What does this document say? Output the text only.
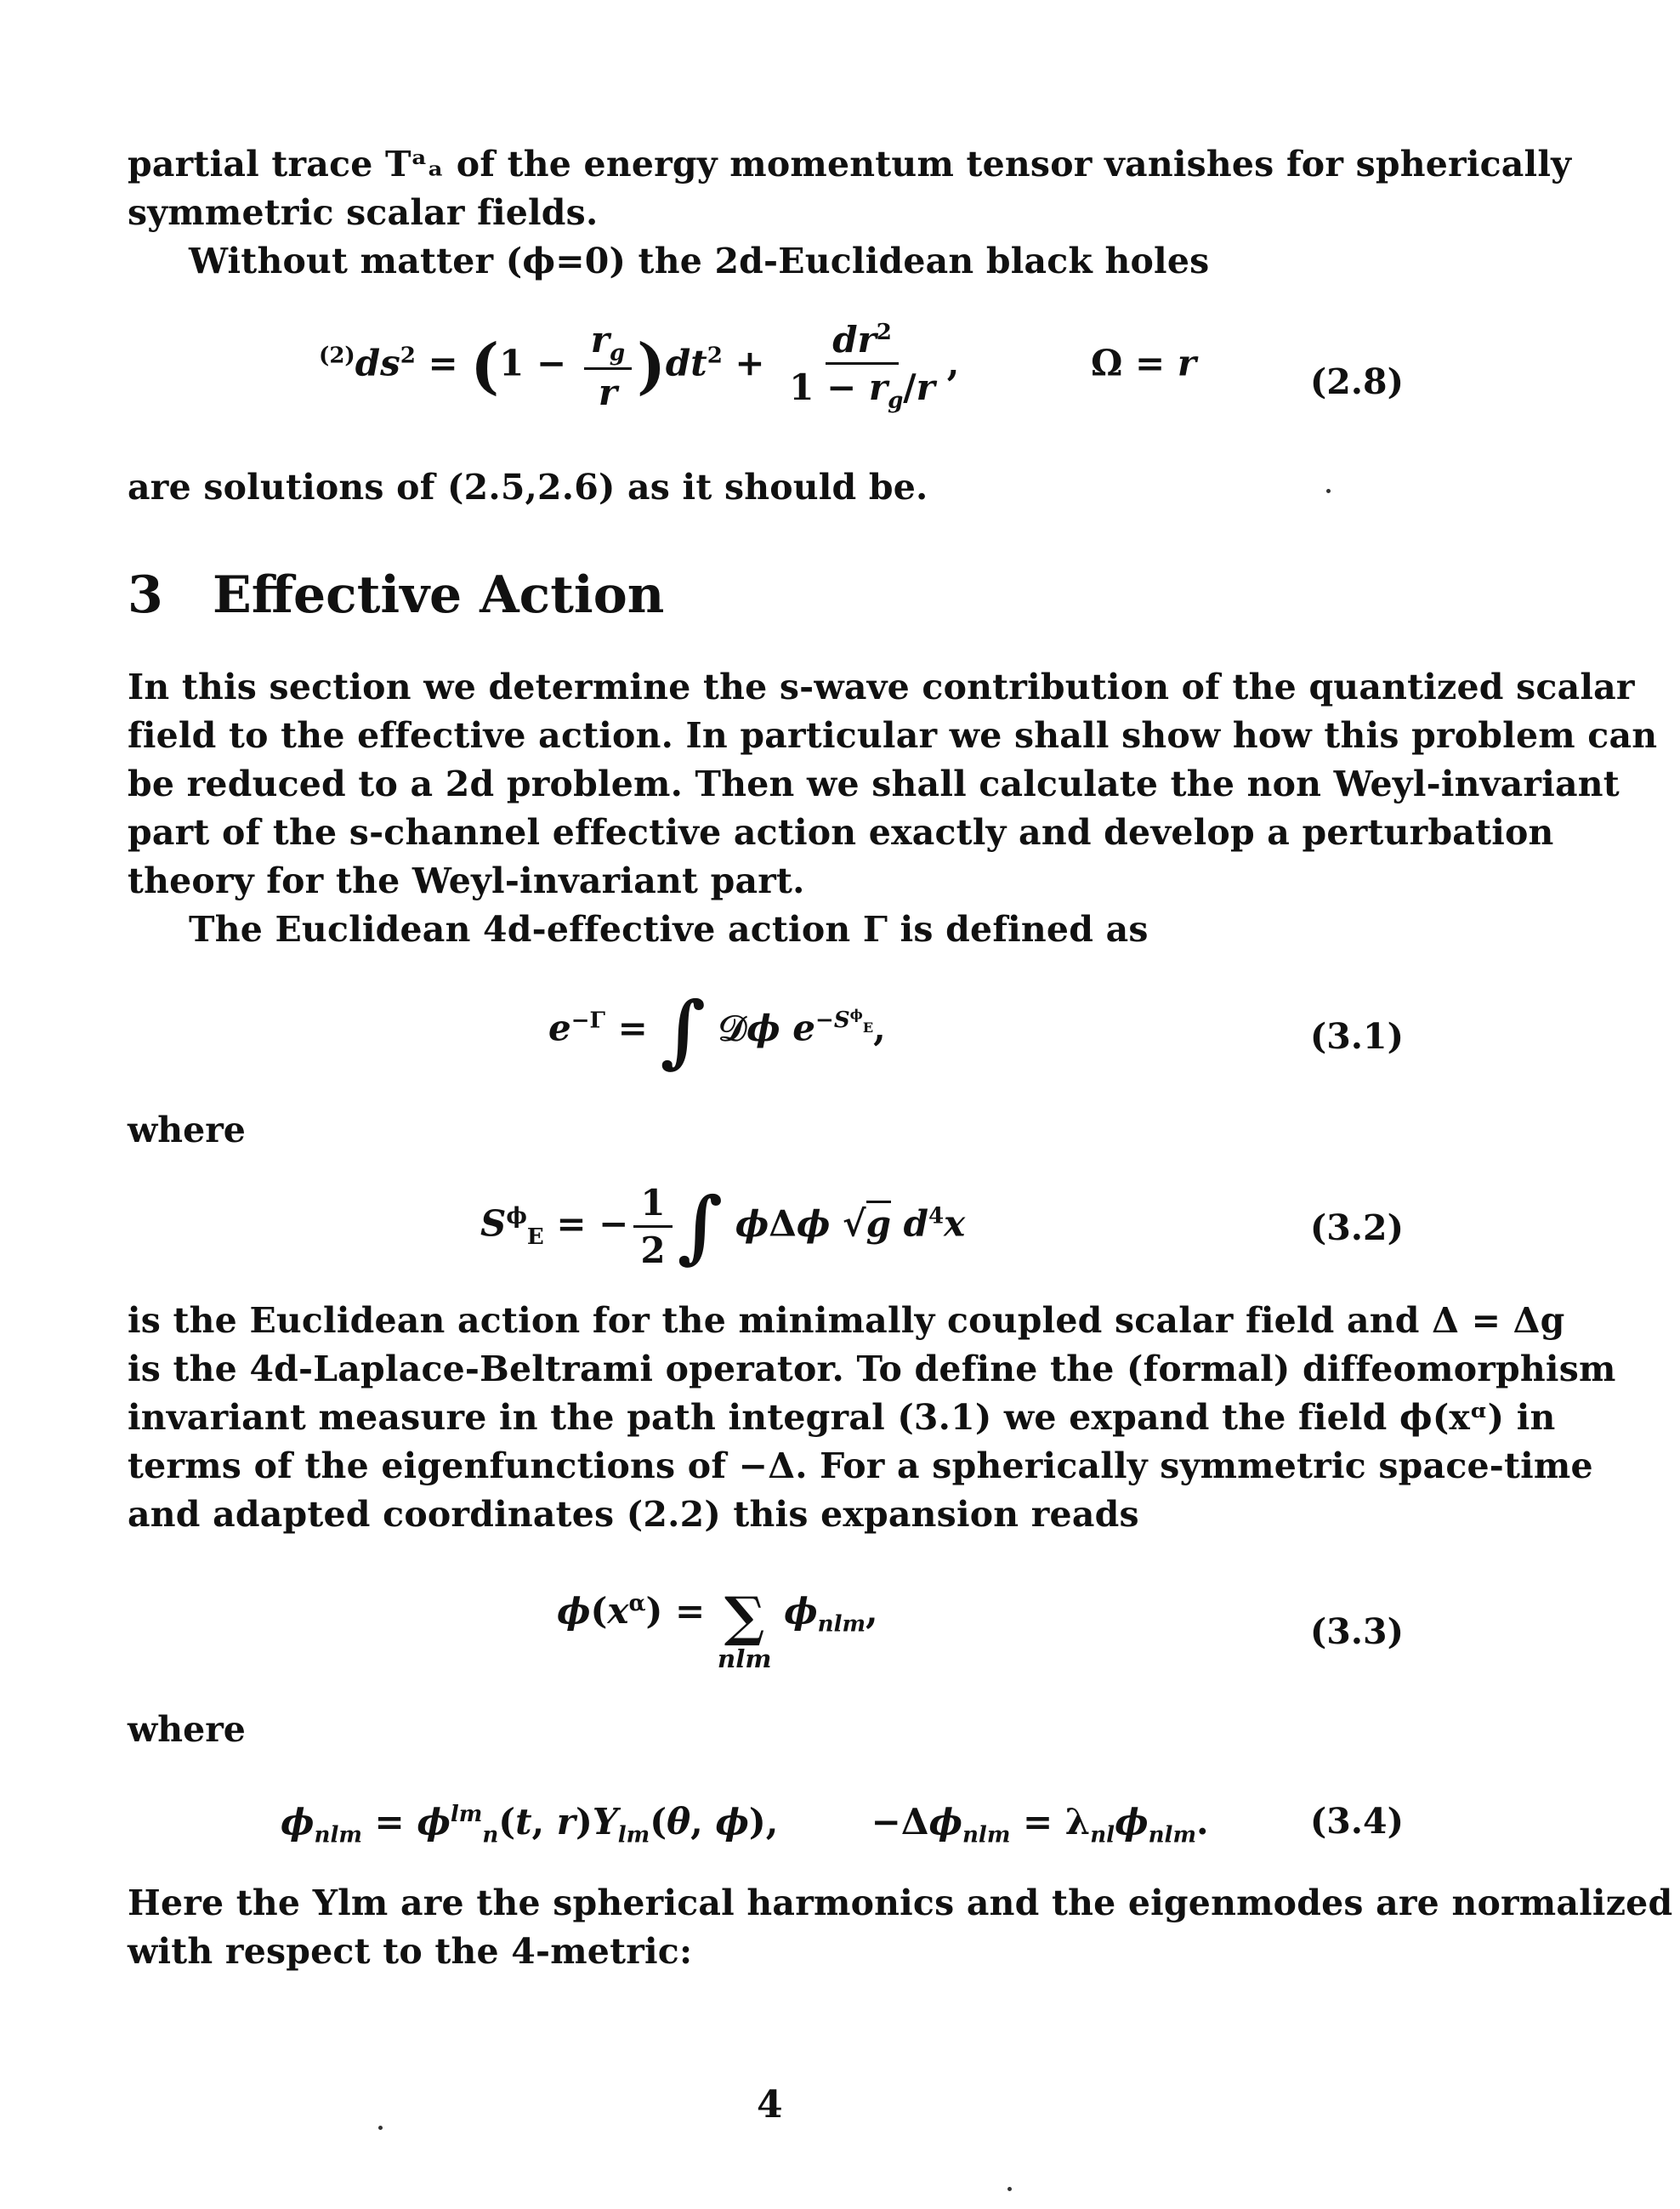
partial trace Tᵃₐ of the energy momentum tensor vanishes for spherically
symmetric scalar fields.
Without matter (ϕ=0) the 2d-Euclidean black holes
$^{(2)}ds^2 = (1 - \frac{r_g}{r} )dt^2 + \frac{dr^2}{1 - r_g/r}$ ,	Ω = r	(2.8)
are solutions of (2.5,2.6) as it should be.
3 Effective Action
In this section we determine the s-wave contribution of the quantized scalar
field to the effective action. In particular we shall show how this problem can
be reduced to a 2d problem. Then we shall calculate the non Weyl-invariant
part of the s-channel effective action exactly and develop a perturbation
theory for the Weyl-invariant part.
The Euclidean 4d-effective action Γ is defined as
$e^{-\Gamma}$ = ∫ 𝒟ϕ $e^{-S^\phi_E}$,	(3.1)
where
$S^\phi_E$ = − $\frac{1}{2}$ ∫ ϕΔϕ √g $d^4x$	(3.2)
is the Euclidean action for the minimally coupled scalar field and Δ = Δg
is the 4d-Laplace-Beltrami operator. To define the (formal) diffeomorphism
invariant measure in the path integral (3.1) we expand the field ϕ(xᵅ) in
terms of the eigenfunctions of −Δ. For a spherically symmetric space-time
and adapted coordinates (2.2) this expansion reads
$\phi(x^\alpha)$ = ∑
nlm
$\phi_{nlm}$,	(3.3)
where
$\phi_{nlm} = \phi^{lm}_n(t$, $r)Y_{lm}(\theta$, ϕ),  $-\Delta\phi_{nlm} = \lambda_{nl}\phi_{nlm}$.	(3.4)
Here the Ylm are the spherical harmonics and the eigenmodes are normalized
with respect to the 4-metric:
4
